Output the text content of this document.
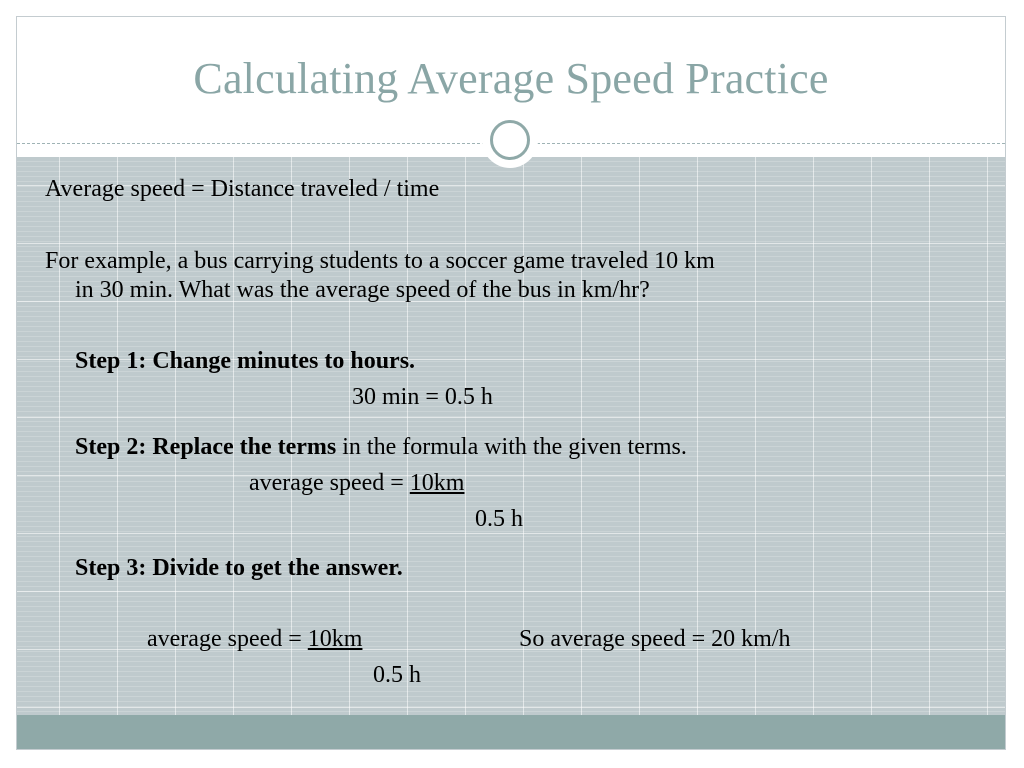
Calculating Average Speed Practice
Average speed = Distance traveled / time
For example, a bus carrying students to a soccer game traveled 10 km
in 30 min. What was the average speed of the bus in km/hr?
Step 1: Change minutes to hours.
30 min = 0.5 h
Step 2: Replace the terms in the formula with the given terms.
average speed = 10km
0.5 h
Step 3: Divide to get the answer.
average speed = 10km	So average speed = 20 km/h
0.5 h
